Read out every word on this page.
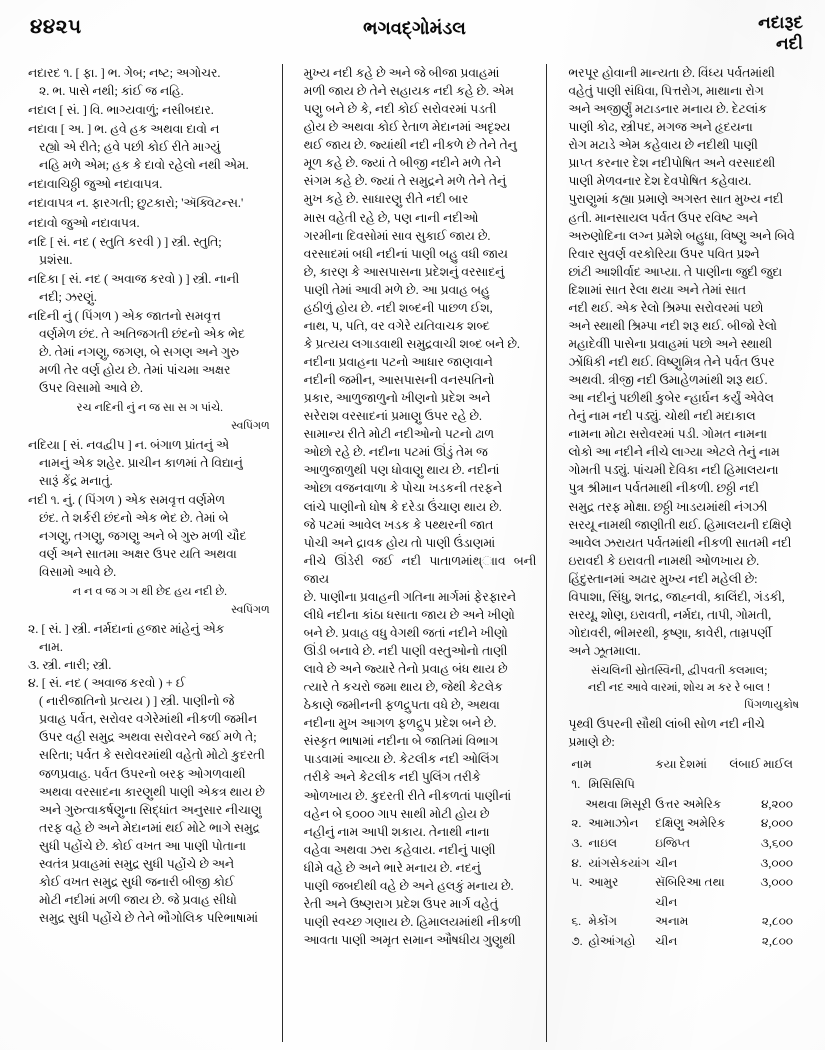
૪૪૨૫	ભગવદ્ગોમંડલ	નદારૂદ
નદી

નદારદ ૧. [ ફા. ] ભ. ગેબ; નષ્ટ; અગોચર.

૨. ભ. પાસે નથી; કાંઈ જ નહિ.

નદાલ [ સં. ] વિ. ભાગ્યવાળું; નસીબદાર.

નદાવા [ અ. ] ભ. હવે હક અથવા દાવો ન

રહ્યો એ રીતે; હવે પછી કોઈ રીતે માગ્યું

નહિ મળે એમ; હક કે દાવો રહેલો નથી એમ.

નદાવાચિઠ્ઠી જુઓ નદાવાપત્ર.

નદાવાપત્ર ન. ફારગતી; છુટકારો; 'ઍક્વિટન્સ.'

નદાવો જુઓ નદાવાપત્ર.

નદિ [ સં. નદ ( સ્તુતિ કરવી ) ] સ્ત્રી. સ્તુતિ;

પ્રશંસા.

નદિકા [ સં. નદ ( અવાજ કરવો ) ] સ્ત્રી. નાની

નદી; ઝરણું.

નદિની નું ( પિંગળ ) એક જાતનો સમવૃત્ત

વર્ણમેળ છંદ. તે અતિજગતી છંદનો એક ભેદ

છે. તેમાં નગણુ, જગણ, બે સગણ અને ગુરુ

મળી તેર વર્ણ હોય છે. તેમાં પાંચમા અક્ષર

ઉપર વિસામો આવે છે.

રચ નદિની નું ન જ સા સ ગ પાંચે.
સ્વપિંગળ

નદિયા [ સં. નવદ્વીપ ] ન. બંગાળ પ્રાંતનું એ

નામનું એક શહેર. પ્રાચીન કાળમાં તે વિદ્યાનું

સારૂં કેંદ્ર મનાતું.

નદી ૧. નું. ( પિંગળ ) એક સમવૃત્ત વર્ણમેળ

છંદ. તે શર્કરી છંદનો એક ભેદ છે. તેમાં બે

નગણુ, તગણુ, જગણુ અને બે ગુરુ મળી ચૌદ

વર્ણ અને સાતમા અક્ષર ઉપર યતિ અથવા

વિસામો આવે છે.

ન ન વ જ ગ ગ થી છેદ હય નદી છે.
સ્વપિંગળ

૨. [ સં. ] સ્ત્રી. નર્મદાનાં હજાર માંહેનું એક

નામ.

૩. સ્ત્રી. નારી; સ્ત્રી.

૪. [ સં. નદ ( અવાજ કરવો ) + ઈ

( નારીજાતિનો પ્રત્યય ) ] સ્ત્રી. પાણીનો જે

પ્રવાહ પર્વત, સરોવર વગેરેમાંથી નીકળી જમીન

ઉપર વહી સમુદ્ર અથવા સરોવરને જઈ મળે તે;

સરિતા; પર્વત કે સરોવરમાંથી વહેતો મોટો કુદરતી

જળપ્રવાહ. પર્વત ઉપરનો બરફ ઓગળવાથી

અથવા વરસાદના કારણુથી પાણી એકત્ર થાય છે

અને ગુરુત્વાકર્ષણુના સિદ્ધાંત અનુસાર નીચાણુ

તરફ વહે છે અને મેદાનમાં થઈ મોટે ભાગે સમુદ્ર

સુધી પહોંચે છે. કોઈ વખત આ પાણી પોતાના

સ્વતંત્ર પ્રવાહમાં સમુદ્ર સુધી પહોંચે છે અને

કોઈ વખત સમુદ્ર સુધી જનારી બીજી કોઈ

મોટી નદીમાં મળી જાય છે. જે પ્રવાહ સીધો

સમુદ્ર સુધી પહોંચે છે તેને ભૌગોલિક પરિભાષામાં

મુખ્ય નદી કહે છે અને જે બીજા પ્રવાહમાં

મળી જાય છે તેને સહાયક નદી કહે છે. એમ

પણુ બને છે કે, નદી કોઈ સરોવરમાં પડતી

હોય છે અથવા કોઈ રેતાળ મેદાનમાં અદૃશ્ય

થઈ જાય છે. જ્યાંથી નદી નીકળે છે તેને તેનુ

મૂળ કહે છે. જ્યાં તે બીજી નદીને મળે તેને

સંગમ કહે છે. જ્યાં તે સમુદ્રને મળે તેને તેનું

મુખ કહે છે. સાધારણુ રીતે નદી બાર

માસ વહેતી રહે છે, પણ નાની નદીઓ

ગરમીના દિવસોમાં સાવ સુકાઈ જાય છે.

વરસાદમાં બધી નદીનાં પાણી બહુ વધી જાય

છે, કારણ કે આસપાસના પ્રદેશનું વરસાદનું

પાણી તેમાં આવી મળે છે. આ પ્રવાહ બહુ

હઠીળું હોય છે. નદી શબ્દની પાછળ ઈશ,

નાથ, પ, પતિ, વર વગેરે યતિવાચક શબ્દ

કે પ્રત્યય લગાડવાથી સમુદ્રવાચી શબ્દ બને છે.

નદીના પ્રવાહના પટનો આધાર જાણવાને

નદીની જમીન, આસપાસની વનસ્પતિનો

પ્રકાર, આળુજાળુનો ખીણનો પ્રદેશ અને

સરેરાશ વરસાદનાં પ્રમાણુ ઉપર રહે છે.

સામાન્ય રીતે મોટી નદીઓનો પટનો ઢાળ

ઓછો રહે છે. નદીના પટમાં ઊંડું તેમ જ

આળુજાળુથી પણ ધોવાણુ થાય છે. નદીનાં

ઓછા વજનવાળા કે પોચા ખડકની તરફને

લાંચે પાણીનો ધોષ કે દરેડા ઉંચાણ થાય છે.

જે પટમાં આવેલ ખડક કે પથ્થરની જાત

પોચી અને દ્રાવક હોય તો પાણી ઉંડાણમાં

નીચે ઊંડેરી જઈ નદી પાતાળમાંથ્ાાવ બની જાય

છે. પાણીના પ્રવાહની ગતિના માર્ગમાં ફેરફારને

લીધે નદીના કાંઠા ધસાતા જાય છે અને ખીણો

બને છે. પ્રવાહ વધુ વેગથી જતાં નદીને ખીણો

ઊંડી બનાવે છે. નદી પાણી વસ્તુઓનો તાણી

લાવે છે અને જ્યારે તેનો પ્રવાહ બંધ થાય છે

ત્યારે તે કચરો જમા થાય છે, જેથી કેટલેક

ઠેકાણે જમીનની ફળદ્રુપતા વધે છે, અથવા

નદીના મુખ આગળ ફળદ્રુપ પ્રદેશ બને છે.

સંસ્કૃત ભાષામાં નદીના બે જાતિમાં વિભાગ

પાડવામાં આવ્યા છે. કેટલીક નદી ઓલિંગ

તરીકે અને કેટલીક નદી પુલિંગ તરીકે

ઓળખાય છે. કુદરતી રીતે નીકળતાં પાણીનાં

વહેન બે ૬૦૦૦ ગાપ સાથી મોટી હોય છે

નહીનું નામ આપી શકાય. તેનાથી નાના

વહેવા અથવા ઝરા કહેવાય. નદીનું પાણી

ધીમે વહે છે અને ભારે મનાય છે. નદનું

પાણી જબદીથી વહે છે અને હલકું મનાય છે.

રેતી અને ઉષ્ણરાગ પ્રદેશ ઉપર માર્ગ વહેતું

પાણી સ્વચ્છ ગણાય છે. હિમાલયમાંથી નીકળી

આવતા પાણી અમૃત સમાન ઔષધીય ગુણુથી

ભરપૂર હોવાની માન્યતા છે. વિંધ્ય પર્વતમાંથી

વહેતું પાણી સંધિવા, પિત્તરોગ, માથાના રોગ

અને અજીર્ણું મટાડનાર મનાય છે. દેટલાંક

પાણી કોઢ, સ્ત્રીપદ, મગજ અને હૃદયના

રોગ મટાડે એમ કહેવાય છે નદીથી પાણી

પ્રાપ્ત કરનાર દેશ નદીપોષિત અને વરસાદથી

પાણી મેળવનાર દેશ દેવપોષિત કહેવાય.

પુરાણુમાં કહ્યા પ્રમાણે અગસ્ત સાત મુખ્ય નદી

હતી. માનસાયલ પર્વત ઉપર રવિષ્ટ અને

અરુણોદિના લગ્ન પ્રમેશે બહુધા, વિષ્ણુ અને બિવે

રિવાર સુવર્ણ વરકોરિયા ઉપર પવિત પ્રશ્ને

છાંટી આશીર્વાદ આપ્યા. તે પાણીના જુદી જુદા

દિશામાં સાત રેલા થયા અને તેમાં સાત

નદી થઈ. એક રેલો શ્રિમ્પા સરોવરમાં પછો

અને સ્થાથી શ્રિમ્પા નદી શરૂ થઈ. બીજો રેલો

મહાદેવીી પાસેના પ્રવાહમાં પછો અને સ્થાથી

ઝોંધિકી નદી થઈ. વિષ્ણુમિત્ર તેને પર્વત ઉપર

અથવી. ત્રીજી નદી ઉમાહેળમાંથી શરૂ થઈ.

આ નદીનું પછીથી કુબેર ન્હાર્ઘન કર્યું એવેલ

તેનું નામ નદી પડ્યું. ચોથી નદી મદાકાલ

નામના મોટા સરોવરમાં પડી. ગોમત નામના

લોકો આ નદીને નીચે લાગ્યા એટલે તેનું નામ

ગોમતી પડ્યું. પાંચમી દેવિકા નદી હિમાલયના

પુત્ર શ્રીમાન પર્વતમાથી નીકળી. છઠ્ઠી નદી

સમુદ્ર તરફ મોક્ષા. છઠ્ઠી ખાડયમાંથી નંગઝી

સરયૂ નામથી જાણીતી થઈ. હિમાલયની દક્ષિણે

આવેલ ઝરાયત પર્વતમાંથી નીકળી સાતમી નદી

ઇરાવદી કે ઇરાવતી નામથી ઓળખાય છે.

હિંદુસ્તાનમાં અઢાર મુખ્ય નદી મહેલી છે:

વિપાશા, સિંધુ, શતદ્ર, જાહ્નવી, કાલિંદી, ગંડકી,

સરયૂ, શોણ, ઇરાવતી, નર્મદા, તાપી, ગોમતી,

ગોદાવરી, ભીમરથી, કૃષ્ણા, કાવેરી, તામ્રપર્ણી

અને ઝૂતમાલા.

સંચલિની સ્રોતસ્વિની, દ્વીપવતી કલમાલ;
નદી નદ આવે વારમાં, શોચ મ કર રે બાલ !
પિંગળાયુકોષ

પૃથ્વી ઉપરની સૌથી લાંબી સોળ નદી નીચે

પ્રમાણે છે:

નામ	કયા દેશમાં	લંબાઈ માઈલ
૧. મિસિસિપિ		
અથવા મિસૂરી	ઉત્તર અમેરિક	૪,૨૦૦
૨. આમાઝોન	દક્ષિણુ અમેરિક	૪,૦૦૦
૩. નાઇલ	ઇજિપ્ત	૩,૬૦૦
૪. યાંગસેકયાંગ	ચીન	૩,૦૦૦
૫. આમુર	સૅબિરિઆ તથા	૩,૦૦૦
	ચીન	
૬. મેકોંગ	અનામ	૨,૮૦૦
૭. હોઆંગહો	ચીન	૨,૮૦૦
